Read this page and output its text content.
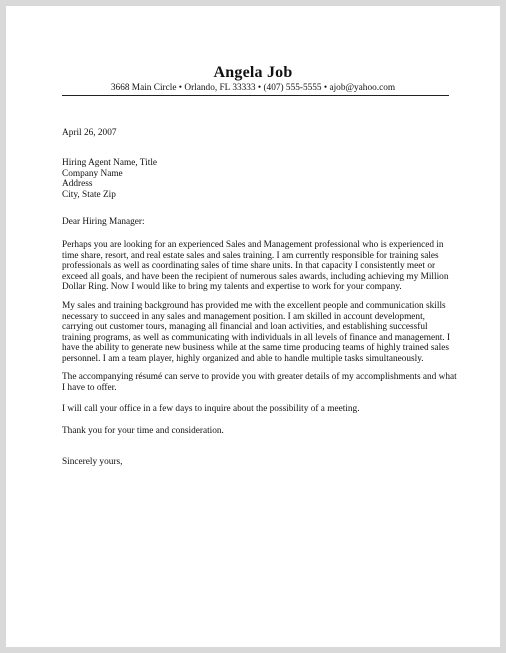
Angela Job
3668 Main Circle • Orlando, FL 33333 • (407) 555-5555 • ajob@yahoo.com
April 26, 2007
Hiring Agent Name, Title
Company Name
Address
City, State Zip
Dear Hiring Manager:
Perhaps you are looking for an experienced Sales and Management professional who is experienced in time share, resort, and real estate sales and sales training. I am currently responsible for training sales professionals as well as coordinating sales of time share units. In that capacity I consistently meet or exceed all goals, and have been the recipient of numerous sales awards, including achieving my Million Dollar Ring. Now I would like to bring my talents and expertise to work for your company.
My sales and training background has provided me with the excellent people and communication skills necessary to succeed in any sales and management position. I am skilled in account development, carrying out customer tours, managing all financial and loan activities, and establishing successful training programs, as well as communicating with individuals in all levels of finance and management. I have the ability to generate new business while at the same time producing teams of highly trained sales personnel. I am a team player, highly organized and able to handle multiple tasks simultaneously.
The accompanying résumé can serve to provide you with greater details of my accomplishments and what I have to offer.
I will call your office in a few days to inquire about the possibility of a meeting.
Thank you for your time and consideration.
Sincerely yours,
